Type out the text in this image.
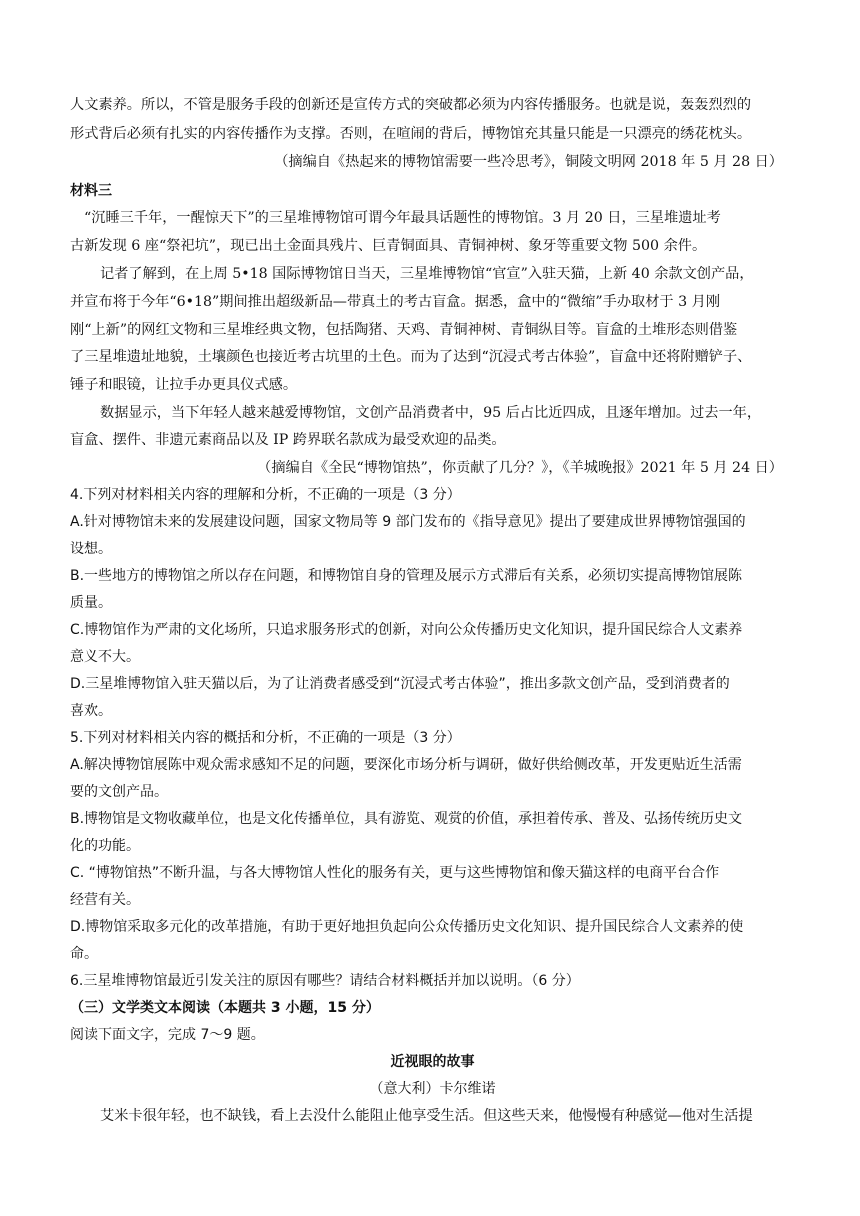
人文素养。所以，不管是服务手段的创新还是宣传方式的突破都必须为内容传播服务。也就是说，轰轰烈烈的
形式背后必须有扎实的内容传播作为支撑。否则，在喧闹的背后，博物馆充其量只能是一只漂亮的绣花枕头。
（摘编自《热起来的博物馆需要一些冷思考》，铜陵文明网 2018 年 5 月 28 日）
材料三
“沉睡三千年，一醒惊天下”的三星堆博物馆可谓今年最具话题性的博物馆。3 月 20 日，三星堆遗址考
古新发现 6 座“祭祀坑”，现已出土金面具残片、巨青铜面具、青铜神树、象牙等重要文物 500 余件。
记者了解到，在上周 5•18 国际博物馆日当天，三星堆博物馆“官宣”入驻天猫，上新 40 余款文创产品，
并宣布将于今年“6•18”期间推出超级新品—带真土的考古盲盒。据悉，盒中的“微缩”手办取材于 3 月刚
刚“上新”的网红文物和三星堆经典文物，包括陶猪、天鸡、青铜神树、青铜纵目等。盲盒的土堆形态则借鉴
了三星堆遗址地貌，土壤颜色也接近考古坑里的土色。而为了达到“沉浸式考古体验”，盲盒中还将附赠铲子、
锤子和眼镜，让拉手办更具仪式感。
数据显示，当下年轻人越来越爱博物馆，文创产品消费者中，95 后占比近四成，且逐年增加。过去一年，
盲盒、摆件、非遗元素商品以及 IP 跨界联名款成为最受欢迎的品类。
（摘编自《全民“博物馆热”，你贡献了几分？》，《羊城晚报》2021 年 5 月 24 日）
4.下列对材料相关内容的理解和分析，不正确的一项是（3 分）
A.针对博物馆未来的发展建设问题，国家文物局等 9 部门发布的《指导意见》提出了要建成世界博物馆强国的
设想。
B.一些地方的博物馆之所以存在问题，和博物馆自身的管理及展示方式滞后有关系，必须切实提高博物馆展陈
质量。
C.博物馆作为严肃的文化场所，只追求服务形式的创新，对向公众传播历史文化知识，提升国民综合人文素养
意义不大。
D.三星堆博物馆入驻天猫以后，为了让消费者感受到“沉浸式考古体验”，推出多款文创产品，受到消费者的
喜欢。
5.下列对材料相关内容的概括和分析，不正确的一项是（3 分）
A.解决博物馆展陈中观众需求感知不足的问题，要深化市场分析与调研，做好供给侧改革，开发更贴近生活需
要的文创产品。
B.博物馆是文物收藏单位，也是文化传播单位，具有游览、观赏的价值，承担着传承、普及、弘扬传统历史文
化的功能。
C. “博物馆热”不断升温，与各大博物馆人性化的服务有关，更与这些博物馆和像天猫这样的电商平台合作
经营有关。
D.博物馆采取多元化的改革措施，有助于更好地担负起向公众传播历史文化知识、提升国民综合人文素养的使
命。
6.三星堆博物馆最近引发关注的原因有哪些？请结合材料概括并加以说明。（6 分）
（三）文学类文本阅读（本题共 3 小题，15 分）
阅读下面文字，完成 7～9 题。
近视眼的故事
（意大利）卡尔维诺
艾米卡很年轻，也不缺钱，看上去没什么能阻止他享受生活。但这些天来，他慢慢有种感觉—他对生活提
